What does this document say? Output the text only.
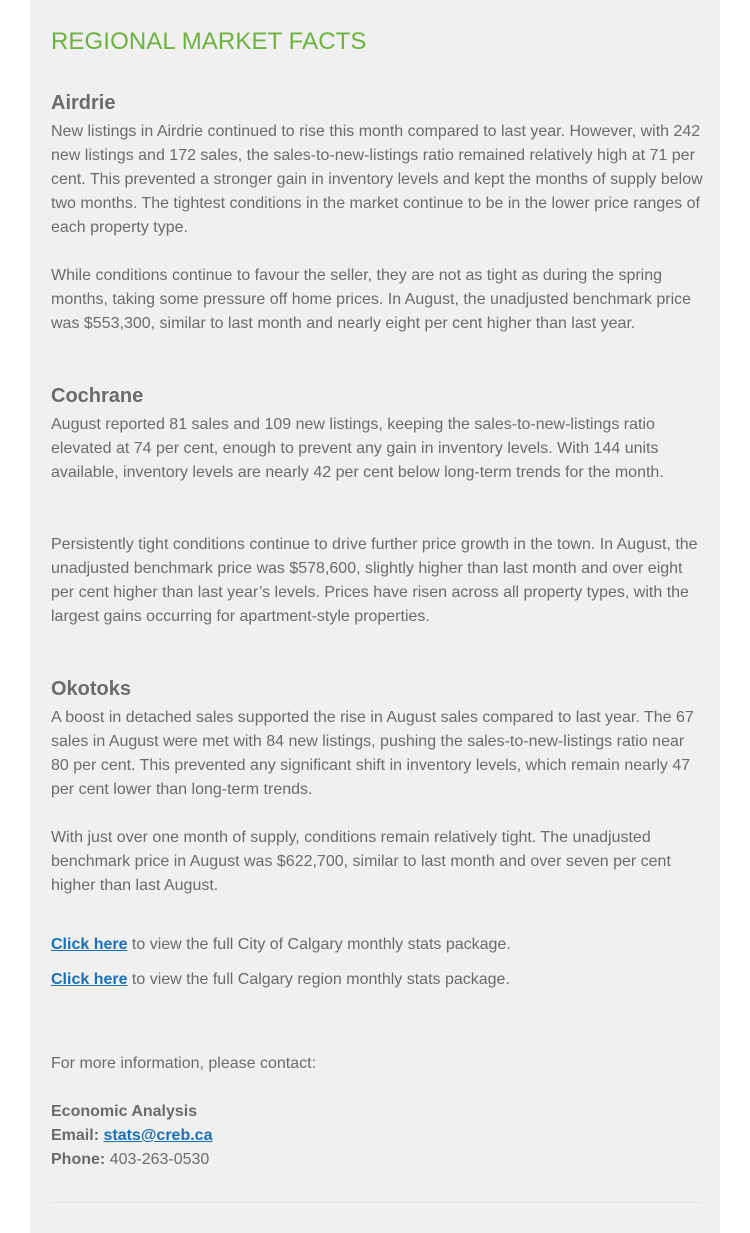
REGIONAL MARKET FACTS
Airdrie

New listings in Airdrie continued to rise this month compared to last year. However, with 242 new listings and 172 sales, the sales-to-new-listings ratio remained relatively high at 71 per cent. This prevented a stronger gain in inventory levels and kept the months of supply below two months. The tightest conditions in the market continue to be in the lower price ranges of each property type.

While conditions continue to favour the seller, they are not as tight as during the spring months, taking some pressure off home prices. In August, the unadjusted benchmark price was $553,300, similar to last month and nearly eight per cent higher than last year.

Cochrane

August reported 81 sales and 109 new listings, keeping the sales-to-new-listings ratio elevated at 74 per cent, enough to prevent any gain in inventory levels. With 144 units available, inventory levels are nearly 42 per cent below long-term trends for the month.

Persistently tight conditions continue to drive further price growth in the town. In August, the unadjusted benchmark price was $578,600, slightly higher than last month and over eight per cent higher than last year’s levels. Prices have risen across all property types, with the largest gains occurring for apartment-style properties.

Okotoks

A boost in detached sales supported the rise in August sales compared to last year. The 67 sales in August were met with 84 new listings, pushing the sales-to-new-listings ratio near 80 per cent. This prevented any significant shift in inventory levels, which remain nearly 47 per cent lower than long-term trends.

With just over one month of supply, conditions remain relatively tight. The unadjusted benchmark price in August was $622,700, similar to last month and over seven per cent higher than last August.

Click here to view the full City of Calgary monthly stats package.

Click here to view the full Calgary region monthly stats package.

For more information, please contact:

Economic Analysis
Email: stats@creb.ca
Phone: 403-263-0530
